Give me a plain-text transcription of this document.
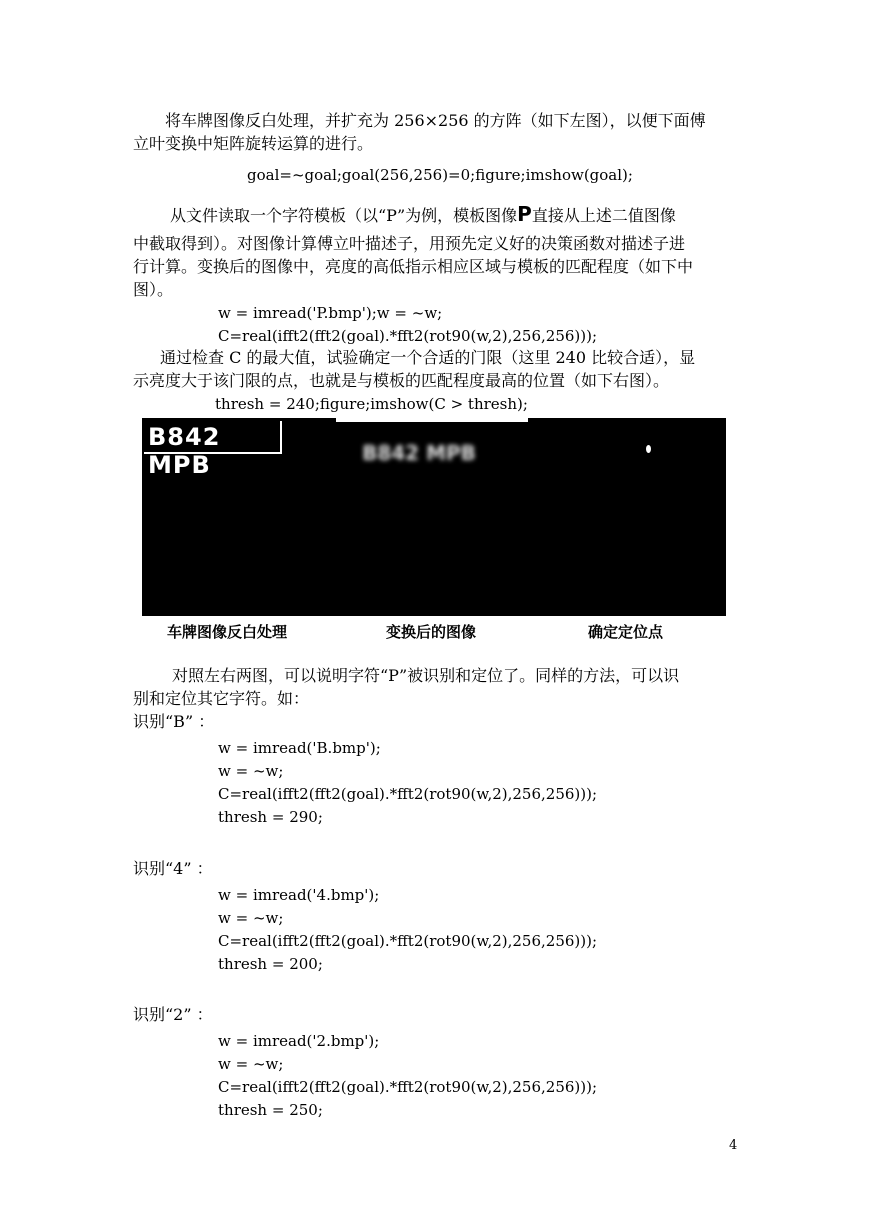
将车牌图像反白处理，并扩充为 256×256 的方阵（如下左图），以便下面傅
立叶变换中矩阵旋转运算的进行。
goal=~goal;goal(256,256)=0;figure;imshow(goal);
从文件读取一个字符模板（以“P”为例，模板图像P直接从上述二值图像
中截取得到）。对图像计算傅立叶描述子，用预先定义好的决策函数对描述子进
行计算。变换后的图像中，亮度的高低指示相应区域与模板的匹配程度（如下中
图）。
w = imread('P.bmp');w = ~w;
C=real(ifft2(fft2(goal).*fft2(rot90(w,2),256,256)));
通过检查 C 的最大值，试验确定一个合适的门限（这里 240 比较合适），显
示亮度大于该门限的点，也就是与模板的匹配程度最高的位置（如下右图）。
thresh = 240;figure;imshow(C > thresh);
B842 MPB	B842 MPB
车牌图像反白处理	变换后的图像	确定定位点
对照左右两图，可以说明字符“P”被识别和定位了。同样的方法，可以识
别和定位其它字符。如：
识别“B” ：
w = imread('B.bmp');
w = ~w;
C=real(ifft2(fft2(goal).*fft2(rot90(w,2),256,256)));
thresh = 290;
识别“4” ：
w = imread('4.bmp');
w = ~w;
C=real(ifft2(fft2(goal).*fft2(rot90(w,2),256,256)));
thresh = 200;
识别“2” ：
w = imread('2.bmp');
w = ~w;
C=real(ifft2(fft2(goal).*fft2(rot90(w,2),256,256)));
thresh = 250;
4
